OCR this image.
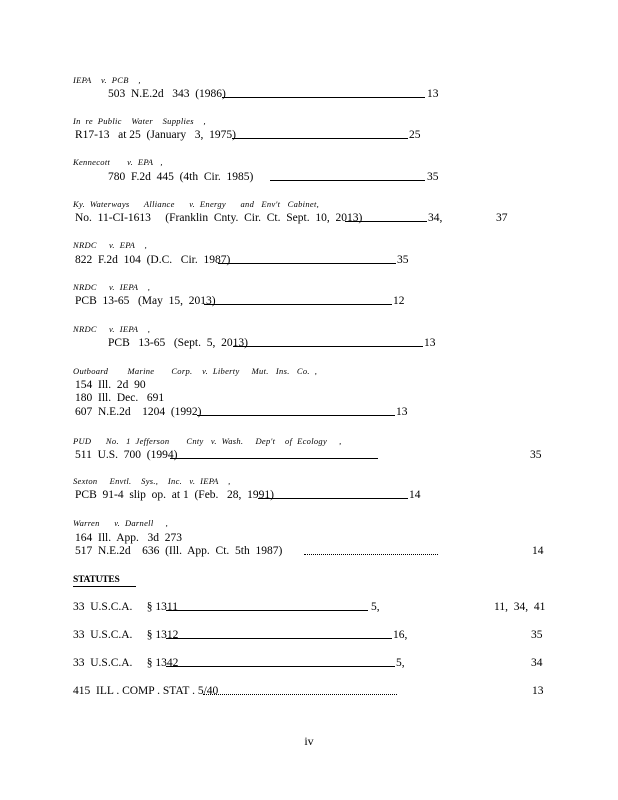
IEPA    v.  PCB    ,
503  N.E.2d   343  (1986)	13
In  re  Public    Water    Supplies    ,
R17-13   at 25  (January   3,  1975)	25
Kennecott       v.  EPA   ,
780  F.2d  445  (4th  Cir.  1985)	35
Ky.  Waterways      Alliance      v.  Energy      and   Env't   Cabinet,
No.  11-CI-1613     (Franklin  Cnty.  Cir.  Ct.  Sept.  10,  2013)	34,	37
NRDC     v.  EPA    ,
822  F.2d  104  (D.C.   Cir.  1987)	35
NRDC     v.  IEPA    ,
PCB  13-65   (May  15,  2013)	12
NRDC     v.  IEPA    ,
PCB   13-65   (Sept.  5,  2013)	13
Outboard        Marine       Corp.    v.  Liberty     Mut.   Ins.   Co.  ,
154  Ill.  2d  90
180  Ill.  Dec.   691
607  N.E.2d    1204  (1992)	13
PUD      No.   1  Jefferson       Cnty   v.  Wash.     Dep't    of  Ecology     ,
511  U.S.  700  (1994)	35
Sexton     Envtl.    Sys.,    Inc.   v.  IEPA    ,
PCB  91-4  slip  op.  at 1  (Feb.   28,  1991)	14
Warren      v.  Darnell     ,
164  Ill.  App.   3d  273
517  N.E.2d    636  (Ill.  App.  Ct.  5th  1987)	14
STATUTES
33  U.S.C.A.     § 1311	5,	11,  34,  41
33  U.S.C.A.     § 1312	16,	35
33  U.S.C.A.     § 1342	5,	34
415  ILL . COMP . STAT . 5/40	13
iv
